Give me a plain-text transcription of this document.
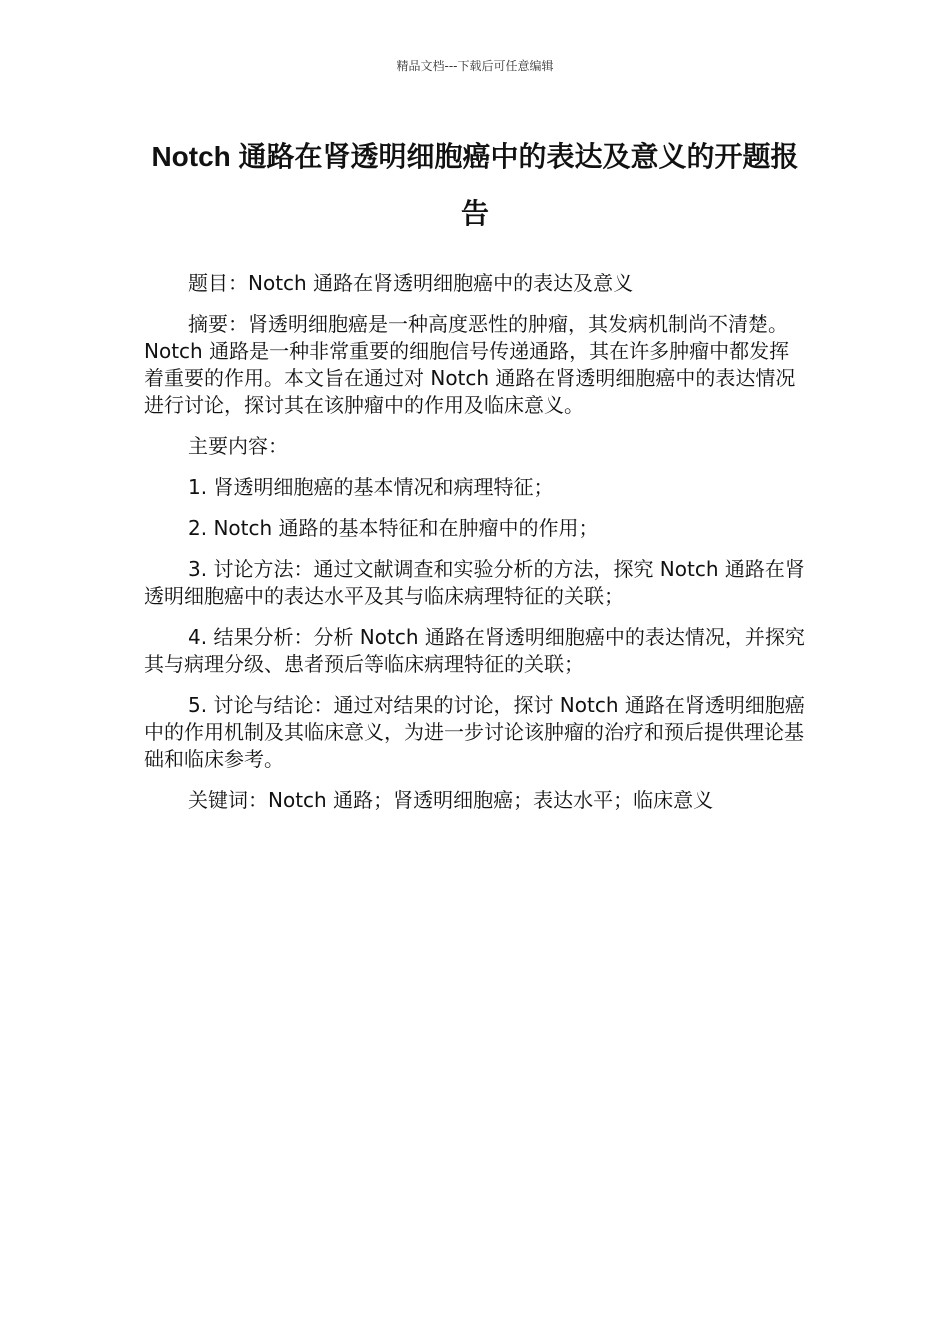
精品文档---下载后可任意编辑
Notch 通路在肾透明细胞癌中的表达及意义的开题报告

题目：Notch 通路在肾透明细胞癌中的表达及意义

摘要：肾透明细胞癌是一种高度恶性的肿瘤，其发病机制尚不清楚。Notch 通路是一种非常重要的细胞信号传递通路，其在许多肿瘤中都发挥着重要的作用。本文旨在通过对 Notch 通路在肾透明细胞癌中的表达情况进行讨论，探讨其在该肿瘤中的作用及临床意义。

主要内容：

1. 肾透明细胞癌的基本情况和病理特征；

2. Notch 通路的基本特征和在肿瘤中的作用；

3. 讨论方法：通过文献调查和实验分析的方法，探究 Notch 通路在肾透明细胞癌中的表达水平及其与临床病理特征的关联；

4. 结果分析：分析 Notch 通路在肾透明细胞癌中的表达情况，并探究其与病理分级、患者预后等临床病理特征的关联；

5. 讨论与结论：通过对结果的讨论，探讨 Notch 通路在肾透明细胞癌中的作用机制及其临床意义，为进一步讨论该肿瘤的治疗和预后提供理论基础和临床参考。

关键词：Notch 通路；肾透明细胞癌；表达水平；临床意义
